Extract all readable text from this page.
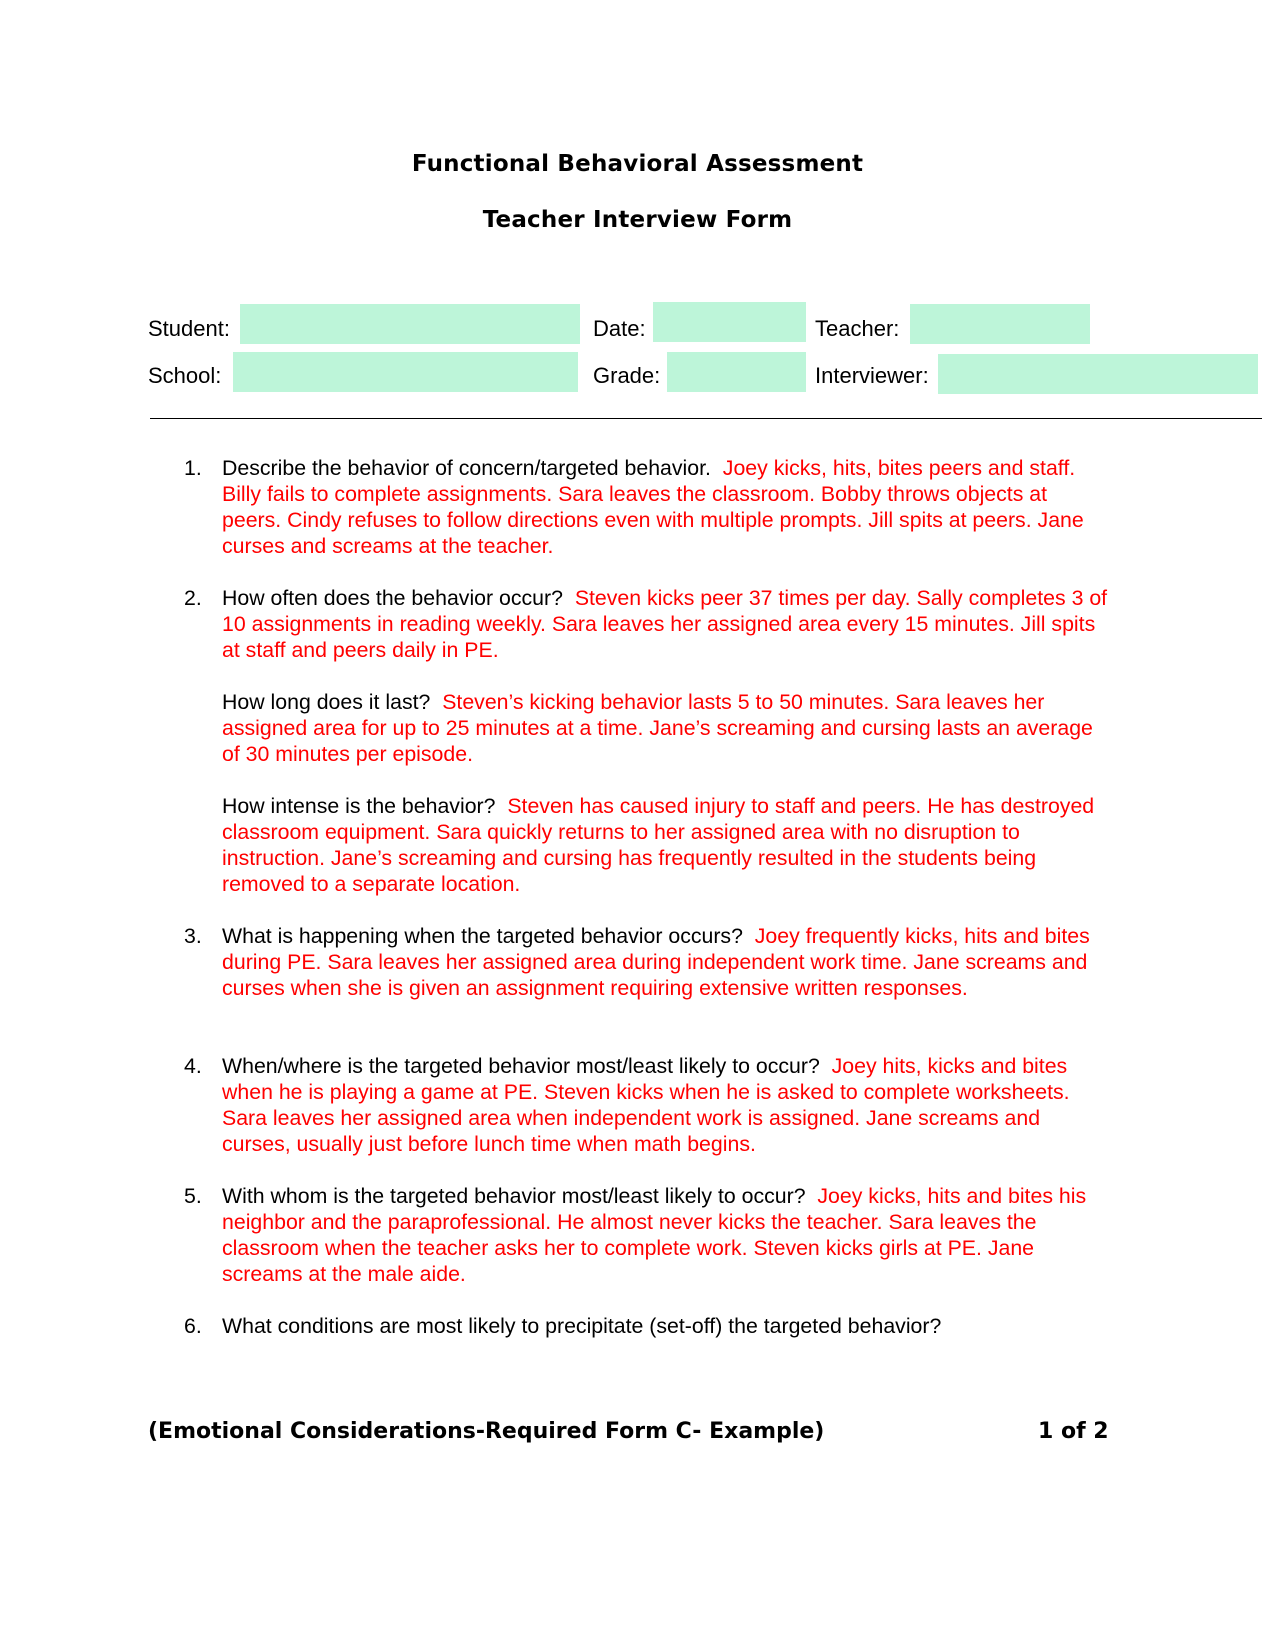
Functional Behavioral Assessment
Teacher Interview Form
Student:	Date:	Teacher:
School:	Grade:	Interviewer:
1. Describe the behavior of concern/targeted behavior. Joey kicks, hits, bites peers and staff. Billy fails to complete assignments. Sara leaves the classroom. Bobby throws objects at peers. Cindy refuses to follow directions even with multiple prompts. Jill spits at peers. Jane curses and screams at the teacher.
2. How often does the behavior occur? Steven kicks peer 37 times per day. Sally completes 3 of 10 assignments in reading weekly. Sara leaves her assigned area every 15 minutes. Jill spits at staff and peers daily in PE.
How long does it last? Steven’s kicking behavior lasts 5 to 50 minutes. Sara leaves her assigned area for up to 25 minutes at a time. Jane’s screaming and cursing lasts an average of 30 minutes per episode.
How intense is the behavior? Steven has caused injury to staff and peers. He has destroyed classroom equipment. Sara quickly returns to her assigned area with no disruption to instruction. Jane’s screaming and cursing has frequently resulted in the students being removed to a separate location.
3. What is happening when the targeted behavior occurs? Joey frequently kicks, hits and bites during PE. Sara leaves her assigned area during independent work time. Jane screams and curses when she is given an assignment requiring extensive written responses.
4. When/where is the targeted behavior most/least likely to occur? Joey hits, kicks and bites when he is playing a game at PE. Steven kicks when he is asked to complete worksheets. Sara leaves her assigned area when independent work is assigned. Jane screams and curses, usually just before lunch time when math begins.
5. With whom is the targeted behavior most/least likely to occur? Joey kicks, hits and bites his neighbor and the paraprofessional. He almost never kicks the teacher. Sara leaves the classroom when the teacher asks her to complete work. Steven kicks girls at PE. Jane screams at the male aide.
6. What conditions are most likely to precipitate (set-off) the targeted behavior?
(Emotional Considerations-Required Form C- Example)	1 of 2
